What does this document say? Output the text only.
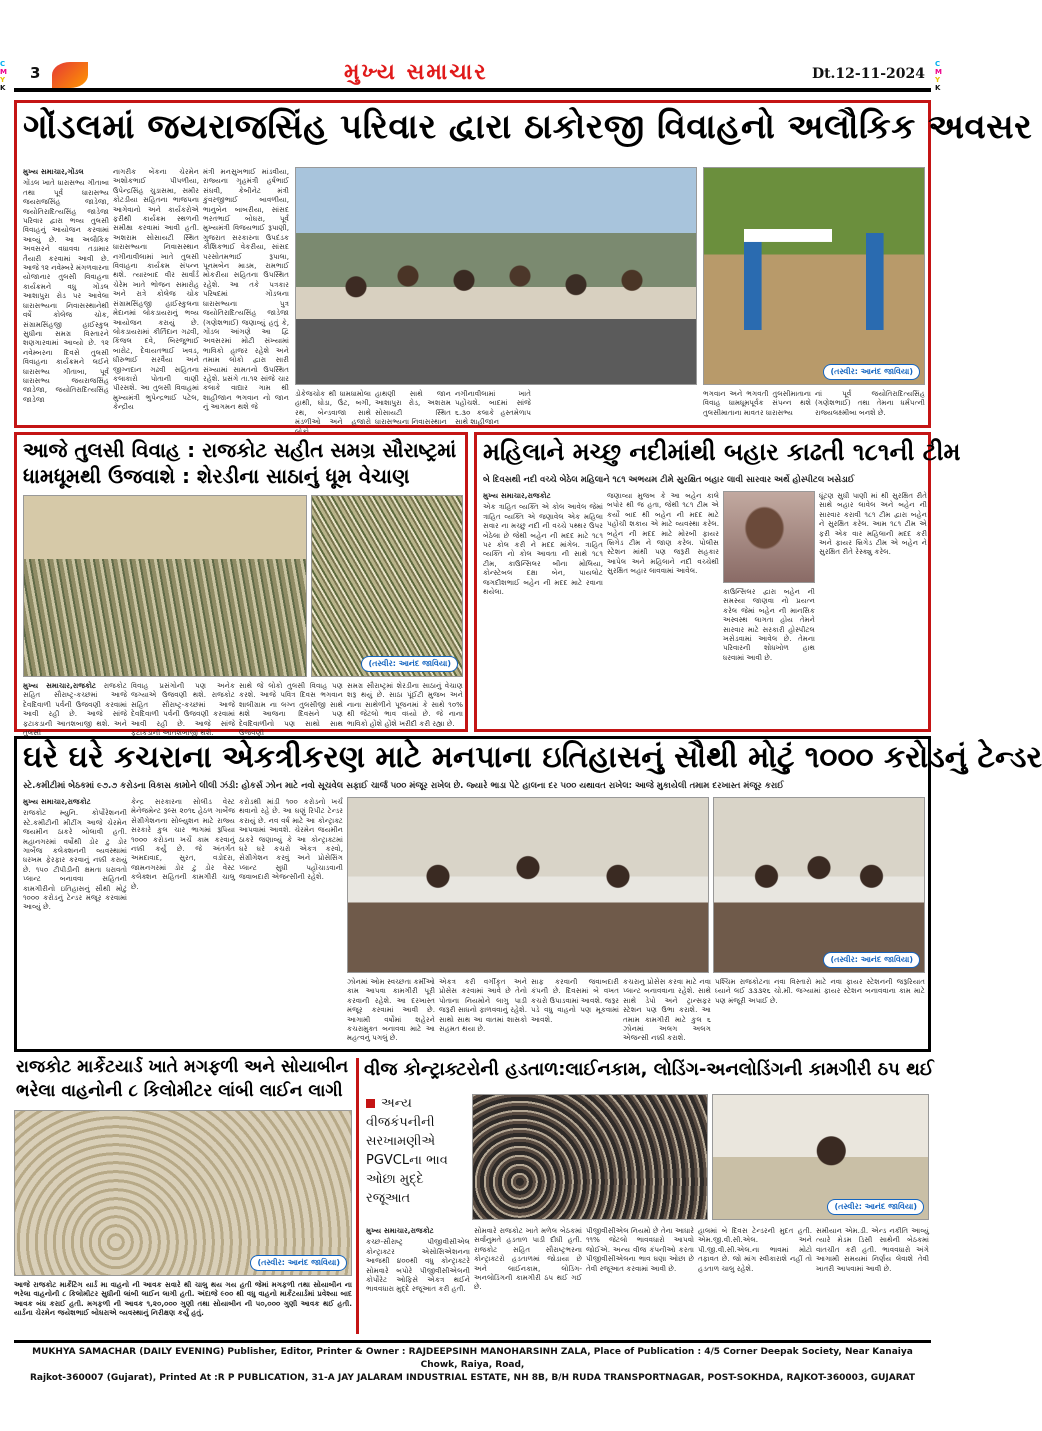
C
M
Y
K
C
M
Y
K
3	મુખ્ય સમાચાર	Dt.12-11-2024
ગોંડલમાં જયરાજસિંહ પરિવાર દ્વારા ઠાકોરજી વિવાહનો અલૌકિક અવસર

મુખ્ય સમાચાર,ગોંડલ

ગોંડલ ખાતે ધારાસભ્ય ગીતાબા તથા પૂર્વ ધારાસભ્ય જયરાજસિંહ જાડેજા, જયોતિરાદિત્યસિંહ જાડેજા પરિવાર દ્વારા ભવ્ય તુલસી વિવાહનું આયોજન કરવામાં આવ્યું છે. આ અલૌકિક અવસરને વધાવવા તડામાર તૈયારી કરવામાં આવી છે. આજે ૧૨ નવેમ્બરે મંગળવારના યોજાનાર તુલસી વિવાહના કાર્યક્રમને વધુ ગોંડલ આશાપુરા રોડ પર આવેલા ધારાસભ્યના નિવાસસ્થાનેથી વર્ષે કોલેજ ચોક, સંગ્રામસિંહજી હાઈસ્કુલ સુધીના સમગ્ર વિસ્તારને શણગારવામાં આવ્યો છે. ૧૨ નવેમ્બરના દિવસે તુલસી વિવાહના કાર્યક્રમને લઈને ધારાસભ્ય ગીતાબા, પૂર્વ ધારાસભ્ય જયરાજસિંહ જાડેજા, જયોતિરાદિત્યસિંહ જાડેજા

નાગરીક બેંકના ચેરમેન અશોકભાઈ પીપળીયા, ઉપેન્દ્રસિંહ ચુડાસમા, સમીર કોટડીયા સહિતના ભાજપના આગેવાનો અને કાર્યકરોએ ફરીથી કાર્યક્રમ સ્થળની સમીક્ષા કરવામાં આવી હતી. અશરામ સોસાયટી સ્થિત ધારાસભ્યના નિવાસસ્થાન નગીનાવીલામાં ખાતે તુલસી વિવાહના કાર્યક્રમ સંપન્ન થશે. ત્યારબાદ વીર સાર્વાર્ડ ચેરેમ ખાતે ભોજન સમારોહ અને રાત્રે કોલેજ ચોક સંગ્રામસિંહજી હાઈસ્કુલના મેદાનમાં લોકડાયરાનું ભવ્ય આયોજન કરાયું છે. લોકડાયરામાં કીર્તિદાન ગઢવી, કિંજલ દવે, બિરજુભાઈ બારોટ, દેવાયતભાઈ ખવડ, ધીરુભાઈ સરવૈયા અને જીગ્નદાન ગઢવી સહિતના કલાકારો પોતાની વાણી પીરસશે. આ તુલસી વિવાહમાં મુખ્યમંત્રી ભુપેન્દ્રભાઈ પટેલ, કેન્દ્રીય

મંત્રી મનસુખભાઈ માંડવીયા, રાજ્યના ગૃહમંત્રી હર્ષભાઈ સંઘવી, કેબીનેટ મંત્રી કુંવરજીભાઈ બાવળીયા, ભાનુબેન બાબરીયા, સાંસદ ભરતભાઈ બોઘરા, પૂર્વ મુખ્યમંત્રી વિજયભાઈ રૂપાણી, ગુજરાત સરકારના ઉપદંડક કૌશિકભાઈ વેકરીયા, સાંસદ પરસોતમભાઈ રૂપાલા, પૂનમબેન માડમ, રામભાઈ મોકરીયા સહિતના ઉપસ્થિત રહેશે. આ તકે પત્રકાર પરિષદમાં ગોંડલના ધારાસભ્યના પુત્ર જયોતિરાદિત્યસિંહ જાડેજા (ગણેશભાઈ) જણાવ્યું હતું કે, ગોંડલ આંગણે આ દ્વિ અવસરમાં મોટી સંખ્યામાં ભાવિકો હાજર રહેશે અને તમામ લોકો દ્વારા સારી સંખ્યામાં સામતનો ઉપસ્થિત રહેશે. પ્રસંગે તા.૧૨ સાંજે ચાર કલાકે વાદ્યાર ગામ થી શાહીજાન ભગવાન નો જાન નું આગમન થશે જે

(તસ્વીર: આનંદ જાવિયા)

ડોકેજચોક થી ધામધામોલા હાથી, ઘોડા, ઉંટ, બગી, રથ, બેન્ડવાજા સાથે મંડળીઓ અને હજારો લોકો

હાથણી સાથે જાન આશાપુરા રોડ, અશરામ સોસાયટી સ્થિત ધારાસભ્યના નિવાસસ્થાન

નગીનાવીલામાં ખાતે પહોંચશે. બાદમાં સાંજે ૬.૩૦ કલાકે હસ્તમેળાપ સાથે શાહીજાન

ભગવાન અને ભગવતી તુલસીમાતાના વિવાહ ધામધૂમપૂર્વક સંપન્ન થશે તુલસીમાતાના માવતર ધારાસભ્ય

નાં પૂર્વ જયોતિરાદિત્યસિંહ (ગણેશભાઈ) તથા તેમના ધર્મપત્ની રાજ્યલક્ષ્મીબા બનશે છે.

આજે તુલસી વિવાહ : રાજકોટ સહીત સમગ્ર સૌરાષ્ટ્રમાં
ધામધૂમથી ઉજવાશે : શેરડીના સાઠાનું ધૂમ વેચાણ
(તસ્વીર: આનંદ જાવિયા)

મુખ્ય સમાચાર,રાજકોટ રાજકોટ સહિત સૌરાષ્ટ્ર-કચ્છમાં આજે દેવદિવાળી પર્વની ઉજવણી કરવામાં આવી રહી છે. આજે સાંજે ફટાકડાની આતશબાજી થશે. અને તુલસી

વિવાહ પ્રસંગોની પણ અનેક જગ્યાએ ઉજવણી થશે. રાજકોટ સહિત સૌરાષ્ટ્ર-કચ્છમાં આજે દેવદિવાળી પર્વની ઉજવણી કરવામાં આવી રહી છે. આજે સાંજે ફટાકડાની આતશબાજી થશે.

સાથે જે લોકો તુલસી વિવાહ પણ કરશે. આજે પવિત્ર દિવસ ભગવાન શાલીગ્રામ ના લગ્ન તુલસીજી સાથે થશે આજના દિવસને પણ દેવદિવાળીનો પણ સાથો સાથ ઉજવણી

સમગ્ર સૌરાષ્ટ્રમાં શેરડીના સાઠાનું વેચાણ શરૂ થયું છે. સાઠા પૂંઈટી મુજબ અને નાના સાથેળીને પૂજનમાં કે સાથે ૧૦% થી જેટલો ભાવ વધ્યો છે. જે નાના ભાવિકો હોંશે હોંશે ખરીદી કરી રહ્યા છે.

મહિલાને મચ્છુ નદીમાંથી બહાર કાઢતી ૧૮૧ની ટીમ
બે દિવસથી નદી વચ્ચે બેઠેલ મહિલાને ૧૮૧ અભયમ ટીમે સુરક્ષિત બહાર લાવી સારવાર અર્થે હોસ્પીટલ ખસેડાઈ

મુખ્ય સમાચાર,રાજકોટ

એક ત્રાહિત વ્યક્તિ એ કોલ આવેલ જેમાં ત્રાહિત વ્યક્તિ એ જણાવેલ એક મહિલા સવાર ના મચ્છુ નદી ની વચ્ચે પથ્થર ઉપર બેઠેલા છે જેથી બહેન ની મદદ માટે ૧૮૧ પર કોલ કરી ને મદદ માંગેલ. ત્રાહિત વ્યક્તિ નો કોલ આવતા ની સાથે ૧૮૧ ટીમ, કાઉન્સિલર બીના મોલિયા, કોન્સ્ટેબલ દક્ષા બેન, પાયલોટ જગદીશભાઈ બહેન ની મદદ માટે રવાના થયેલા.

જણાવ્યા મુજબ કે આ બહેન કાલે બપોર થી જ હતા, જેથી ૧૮૧ ટીમ એ કર્યો બાદ થી બહેન ની મદદ માટે પહોંચી શકાય એ માટે વ્યવસ્થા કરેલ. બહેન ની મદદ માટે મોરબી ફાયર બ્રિગેડ ટીમ ને જાણ કરેલ. પોલીસ સ્ટેશન માંથી પણ જરૂરી સહકાર આપેલ અને મહિલાને નદી વચ્ચેથી સુરક્ષિત બહાર લાવવામાં આવેલ.

કાઉન્સિલર દ્વારા બહેન ની સમસ્યા જાણવા નો પ્રયત્ન કરેલ જેમાં બહેન ની માનસિક અસ્વસ્થ લાગતા હોય તેમને સારવાર માટે સરકારી હોસ્પીટલ ખસેડવામાં આવેલ છે. તેમના પરિવારની શોધખોળ હાથ ધરવામાં આવી છે.

ધૂંટણ સુધી પાણી માં થી સુરક્ષિત રીતે સાથે બહાર લાવેલ અને બહેન ની સારવાર કરાવી ૧૮૧ ટીમ દ્વારા બહેન ને સુરક્ષિત કરેલ. આમ ૧૮૧ ટીમ એ ફરી એક વાર મહિલાની મદદ કરી અને ફાયર બ્રિગેડ ટીમ એ બહેન ને સુરક્ષિત રીતે રેસ્ક્યુ કરેલ.

ઘરે ઘરે કચરાના એકત્રીકરણ માટે મનપાના ઇતિહાસનું સૌથી મોટું ૧૦૦૦ કરોડનું ટેન્ડર
સ્ટે.કમીટીમાં બેઠકમાં ૯૭.૭ કરોડના વિકાસ કામોને લીલી ઝંડી: હોકર્સ ઝોન માટે નવો સૂચવેલ સફાઈ ચાર્જ ૫૦૦ મંજૂર રાખેલ છે. જ્યારે ભાડા પેટે હાલના દર ૫૦૦ યથાવત રાખેલ: આજે મુકાયેલી તમામ દરખાસ્ત મંજૂર કરાઈ

મુખ્ય સમાચાર,રાજકોટ

રાજકોટ મ્યુનિ. કોર્પોરેશનની સ્ટે.કમીટીની મીટીંગ આજે ચેરમેન જયમીન ઠાકરે બોલાવી હતી. મહાનગરમાં વર્ષોથી ડોર ટુ ડોર ગાર્બેજ કલેક્શનની વ્યવસ્થામાં ધરખમ ફેરફાર કરવાનું નક્કી કરાયું છે. ૧૫૦ ટીપીડીની ક્ષમતા ધરાવતો પ્લાન્ટ બનાવવા સહિતની કામગીરીનો ઇતિહાસનું સૌથી મોટું ૧૦૦૦ કરોડનું ટેન્ડર મંજૂર કરવામાં આવ્યું છે.

કેન્દ્ર સરકારના સોલીડ વેસ્ટ મેનેજમેન્ટ રૂલ્સ ૨૦૧૬ હેઠળ ગાર્બેજ સેગ્રીગેશનના સોલ્યુશન માટે રાજ્ય સરકારે કુલ ચાર ભાગમાં રૂપિયા ૧૦૦૦ કરોડના ખર્ચે કામ કરવાનું નક્કી કર્યું છે. જે અંતર્ગત અમદાવાદ, સુરત, વડોદરા, જામનગરમાં ડોર ટુ ડોર વેસ્ટ કલેક્શન સહિતની કામગીરી ચાલુ છે.

કરોડથી માંડી ૧૦૦ કરોડનો ખર્ચ થવાનો રહે છે. આ ઘણું રિપીટ ટેન્ડર કરાયું છે. નવ વર્ષ માટે આ કોન્ટ્રાક્ટ આપવામાં આવશે. ચેરમેન જયમીન ઠાકરે જણાવ્યું કે આ કોન્ટ્રાક્ટમાં ઘરે ઘરે કચરો એકત્ર કરવો, સેગ્રીગેશન કરવું અને પ્રોસેસિંગ પ્લાન્ટ સુધી પહોંચાડવાની જવાબદારી એજન્સીની રહેશે.

(તસ્વીર: આનંદ જાવિયા)

ઝોનમાં ઓમ સ્વચ્છતા કર્મીઓ કામ આપવા કામગીરી પૂરી કરવાની રહેશે. આ દરખાસ્ત મંજૂર કરવામાં આવી છે. આગામી વર્ષોમાં શહેરને કચરામુક્ત બનાવવા માટે આ મહત્વનું પગલું છે.

એકત્ર કરી વર્ગીકૃત અને પ્રોસેસ કરવામાં આવે છે તેનો પોતાના નિયમોને લાગુ પાડી જરૂરી સાધનો ફાળવવાનું રહેશે. સાથો સાથ આ વાતમાં શાસકો સહમત થયા છે.

સાફ કરવાની જવાબદારી કંપની છે. દિવસમાં બે વખત કચરો ઉપાડવામાં આવશે. જરૂર પડે વધુ વાહનો પણ મૂકવામાં આવશે.

કચરાનુ પ્રોસેસ કરવા માટે નવા પ્લાન્ટ બનાવવાના રહેશે. સાથે સાથે ડેપો અને ટ્રાન્સફર સ્ટેશન પણ ઉભા કરાશે. આ તમામ કામગીરી માટે કુલ ૬ ઝોનમાં અલગ અલગ એજન્સી નક્કી કરાશે.

પશ્ચિમ રાજકોટના નવા વિસ્તારો માટે નવા ફાયર સ્ટેશનની જરૂરિયાત ધ્યાને લઈ ૩૩૩૨૬ ચો.મી. જગ્યામાં ફાયર સ્ટેશન બનાવવાના કામ માટે પણ મંજૂરી અપાઈ છે.

રાજકોટ માર્કેટયાર્ડ ખાતે મગફળી અને સોયાબીન
ભરેલા વાહનોની ૮ કિલોમીટર લાંબી લાઈન લાગી
(તસ્વીર: આનંદ જાવિયા)

આજે રાજકોટ માર્કેટિંગ યાર્ડ મા વાહનો ની આવક સવારે થી ચાલુ થય ગય હતી જેમાં મગફળી તથા સોયાબીન ના ભરેલા વાહનોની ૮ કિલોમીટર સુધીની લાંબી લાઈન લાગી હતી. અંદાજે ૯૦૦ થી વધુ વાહનો માર્કેટયાર્ડમાં પ્રવેશ્યા બાદ આવક બંધ કરાઈ હતી. મગફળી ની આવક ૧,૨૦,૦૦૦ ગુણી તથા સોયાબીન ની ૫૦,૦૦૦ ગુણી આવક થઈ હતી. યાર્ડના ચેરમેન જયેશભાઈ બોઘરાએ વ્યવસ્થાનું નિરીક્ષણ કર્યું હતું.

વીજ કોન્ટ્રાક્ટરોની હડતાળ:લાઈનકામ, લોડિંગ-અનલોડિંગની કામગીરી ઠપ થઈ
અન્ય વીજકંપનીની સરખામણીએ PGVCLના ભાવ ઓછા મુદ્દે રજૂઆત
(તસ્વીર: આનંદ જાવિયા)

મુખ્ય સમાચાર,રાજકોટ

કચ્છ-સૌરાષ્ટ્ર પીજીવીસીએલ કોન્ટ્રાક્ટર એસોસિએશનના આજથી ૪૦૦થી વધુ કોન્ટ્રાક્ટરે સોમવારે બપોરે પીજીવીસીએલની કોર્પોરેટ ઓફિસે એકત્ર થઈને ભાવવધારા મુદ્દે રજૂઆત કરી હતી.

સોમવારે રાજકોટ ખાતે મળેલ બેઠકમાં સર્વાનુમતે હડતાળ પાડી દીધી હતી. રાજકોટ સહિત સૌરાષ્ટ્રભરના કોન્ટ્રાક્ટરો હડતાળમાં જોડાયા છે અને લાઈનકામ, લોડિંગ-અનલોડિંગની કામગીરી ઠપ થઈ ગઈ છે.

પીજીવીસીએલ નિયમો છે તેના આધારે ૧૧% જેટલો ભાવવધારો આપવો જોઈએ. અન્ય વીજ કંપનીઓ કરતા પીજીવીસીએલના ભાવ ઘણા ઓછા છે તેવી રજૂઆત કરવામાં આવી છે.

હાલમાં બે દિવસ ટેન્ડરની મુદત હતી. એમ.જી.વી.સી.એલ. અને પી.જી.વી.સી.એલ.ના ભાવમાં મોટો તફાવત છે. જો માંગ સ્વીકારાશે નહીં તો હડતાળ ચાલુ રહેશે.

સમીયાન એમ.ડી. એન્ડ નકીતિ આવ્યું ત્યારે મેડમ ડિસી સાથેની બેઠકમાં વાતચીત કરી હતી. ભાવવધારો અંગે આગામી સમયમાં નિર્ણય લેવાશે તેવી ખાતરી આપવામાં આવી છે.

MUKHYA SAMACHAR (DAILY EVENING) Publisher, Editor, Printer & Owner : RAJDEEPSINH MANOHARSINH ZALA, Place of Publication : 4/5 Corner Deepak Society, Near Kanaiya Chowk, Raiya, Road,
Rajkot-360007 (Gujarat), Printed At :R P PUBLICATION, 31-A JAY JALARAM INDUSTRIAL ESTATE, NH 8B, B/H RUDA TRANSPORTNAGAR, POST-SOKHDA, RAJKOT-360003, GUJARAT
